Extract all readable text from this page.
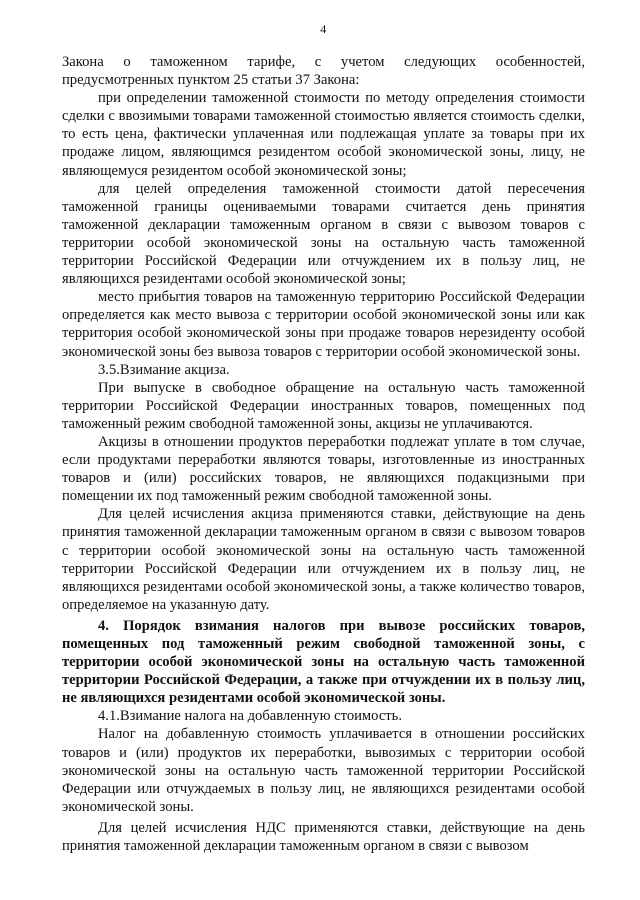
4

Закона о таможенном тарифе, с учетом следующих особенностей, предусмотренных пунктом 25 статьи 37 Закона:

при определении таможенной стоимости по методу определения стоимости сделки с ввозимыми товарами таможенной стоимостью является стоимость сделки, то есть цена, фактически уплаченная или подлежащая уплате за товары при их продаже лицом, являющимся резидентом особой экономической зоны, лицу, не являющемуся резидентом особой экономической зоны;

для целей определения таможенной стоимости датой пересечения таможенной границы оцениваемыми товарами считается день принятия таможенной декларации таможенным органом в связи с вывозом товаров с территории особой экономической зоны на остальную часть таможенной территории Российской Федерации или отчуждением их в пользу лиц, не являющихся резидентами особой экономической зоны;

место прибытия товаров на таможенную территорию Российской Федерации определяется как место вывоза с территории особой экономической зоны или как территория особой экономической зоны при продаже товаров нерезиденту особой экономической зоны без вывоза товаров с территории особой экономической зоны.

3.5.Взимание акциза.

При выпуске в свободное обращение на остальную часть таможенной территории Российской Федерации иностранных товаров, помещенных под таможенный режим свободной таможенной зоны, акцизы не уплачиваются.

Акцизы в отношении продуктов переработки подлежат уплате в том случае, если продуктами переработки являются товары, изготовленные из иностранных товаров и (или) российских товаров, не являющихся подакцизными при помещении их под таможенный режим свободной таможенной зоны.

Для целей исчисления акциза применяются ставки, действующие на день принятия таможенной декларации таможенным органом в связи с вывозом товаров с территории особой экономической зоны на остальную часть таможенной территории Российской Федерации или отчуждением их в пользу лиц, не являющихся резидентами особой экономической зоны, а также количество товаров, определяемое на указанную дату.

4. Порядок взимания налогов при вывозе российских товаров, помещенных под таможенный режим свободной таможенной зоны, с территории особой экономической зоны на остальную часть таможенной территории Российской Федерации, а также при отчуждении их в пользу лиц, не являющихся резидентами особой экономической зоны.

4.1.Взимание налога на добавленную стоимость.

Налог на добавленную стоимость уплачивается в отношении российских товаров и (или) продуктов их переработки, вывозимых с территории особой экономической зоны на остальную часть таможенной территории Российской Федерации или отчуждаемых в пользу лиц, не являющихся резидентами особой экономической зоны.

Для целей исчисления НДС применяются ставки, действующие на день принятия таможенной декларации таможенным органом в связи с вывозом
